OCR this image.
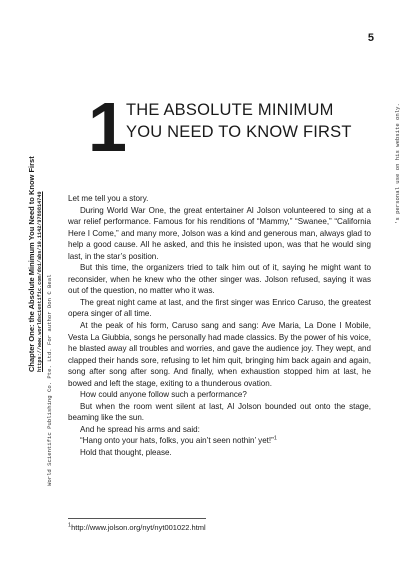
5
Chapter One: the Absolute Minimum You Need to Know First https://www.worldscientific.com/doi/abs/10.1142/9789814749 World Scientific Publishing Co. Pte. Ltd. For author Don C Beal
's personal use on his website only.
1 THE ABSOLUTE MINIMUM
YOU NEED TO KNOW FIRST

Let me tell you a story.

During World War One, the great entertainer Al Jolson volunteered to sing at a war relief performance. Famous for his renditions of “Mammy,” “Swanee,” “California Here I Come,” and many more, Jolson was a kind and generous man, always glad to help a good cause. All he asked, and this he insisted upon, was that he would sing last, in the star’s position.

But this time, the organizers tried to talk him out of it, saying he might want to reconsider, when he knew who the other singer was. Jolson refused, saying it was out of the question, no matter who it was.

The great night came at last, and the first singer was Enrico Caruso, the greatest opera singer of all time.

At the peak of his form, Caruso sang and sang: Ave Maria, La Done I Mobile, Vesta La Giubbia, songs he personally had made classics. By the power of his voice, he blasted away all troubles and worries, and gave the audience joy. They wept, and clapped their hands sore, refusing to let him quit, bringing him back again and again, song after song after song. And finally, when exhaustion stopped him at last, he bowed and left the stage, exiting to a thunderous ovation.

How could anyone follow such a performance?

But when the room went silent at last, Al Jolson bounded out onto the stage, beaming like the sun.

And he spread his arms and said:

“Hang onto your hats, folks, you ain’t seen nothin’ yet!”$^1$

Hold that thought, please.

$^1$http://www.jolson.org/nyt/nyt001022.html
